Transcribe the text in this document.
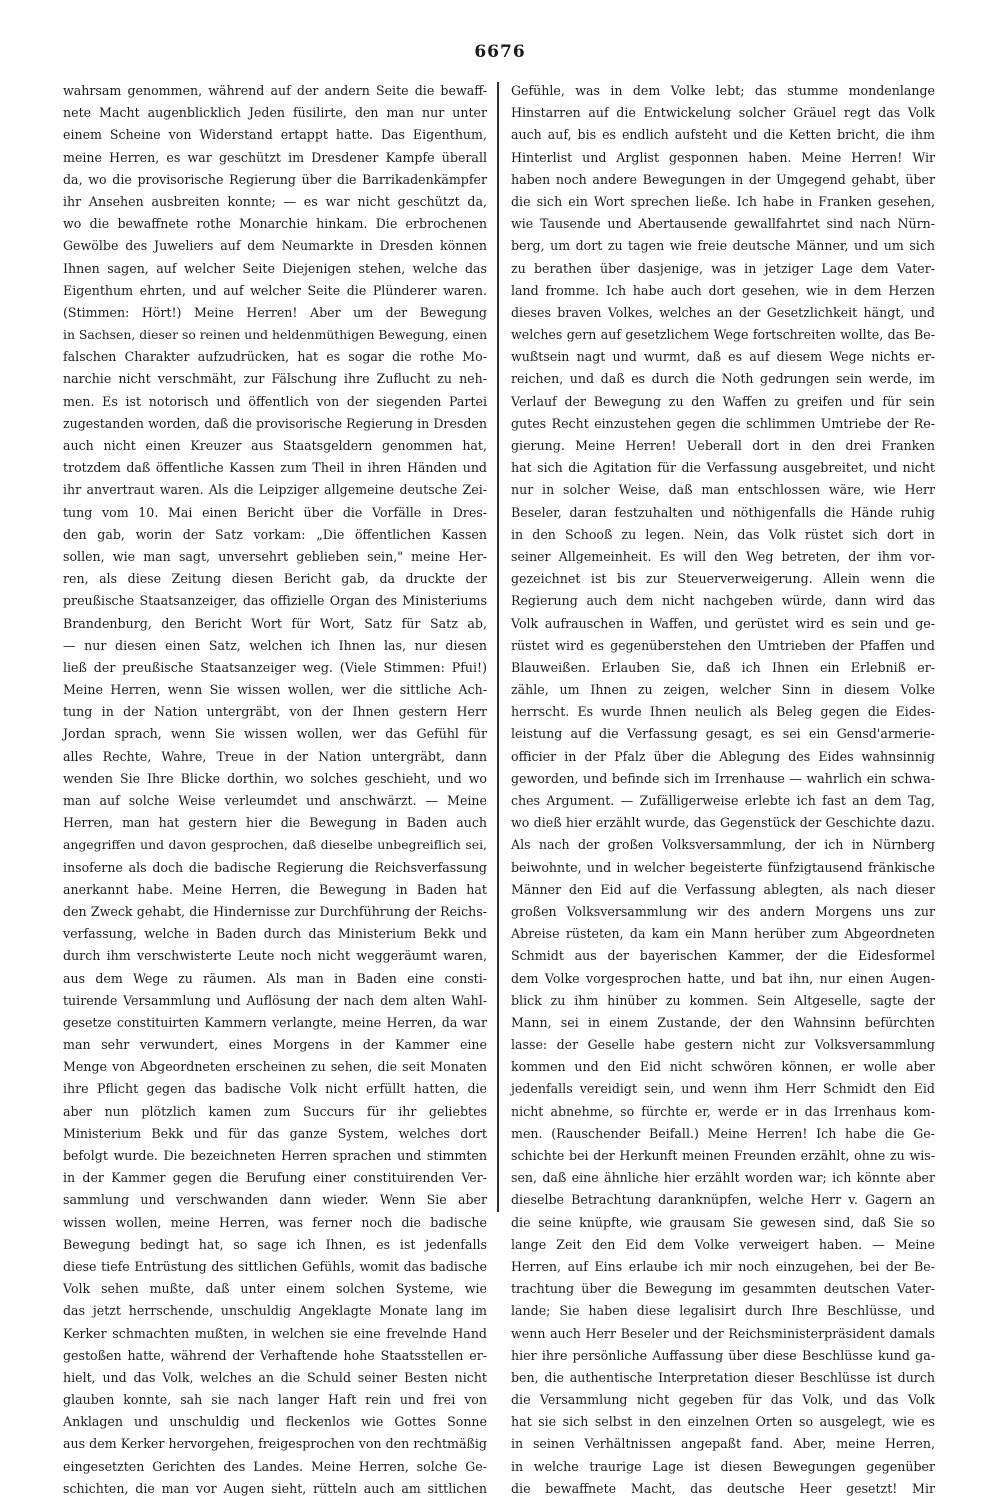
6676
wahrsam genommen, während auf der andern Seite die bewaff-
nete Macht augenblicklich Jeden füsilirte, den man nur unter
einem Scheine von Widerstand ertappt hatte. Das Eigenthum,
meine Herren, es war geschützt im Dresdener Kampfe überall
da, wo die provisorische Regierung über die Barrikadenkämpfer
ihr Ansehen ausbreiten konnte; — es war nicht geschützt da,
wo die bewaffnete rothe Monarchie hinkam. Die erbrochenen
Gewölbe des Juweliers auf dem Neumarkte in Dresden können
Ihnen sagen, auf welcher Seite Diejenigen stehen, welche das
Eigenthum ehrten, und auf welcher Seite die Plünderer waren.
(Stimmen: Hört!) Meine Herren! Aber um der Bewegung
in Sachsen, dieser so reinen und heldenmüthigen Bewegung, einen
falschen Charakter aufzudrücken, hat es sogar die rothe Mo-
narchie nicht verschmäht, zur Fälschung ihre Zuflucht zu neh-
men. Es ist notorisch und öffentlich von der siegenden Partei
zugestanden worden, daß die provisorische Regierung in Dresden
auch nicht einen Kreuzer aus Staatsgeldern genommen hat,
trotzdem daß öffentliche Kassen zum Theil in ihren Händen und
ihr anvertraut waren. Als die Leipziger allgemeine deutsche Zei-
tung vom 10. Mai einen Bericht über die Vorfälle in Dres-
den gab, worin der Satz vorkam: „Die öffentlichen Kassen
sollen, wie man sagt, unversehrt geblieben sein," meine Her-
ren, als diese Zeitung diesen Bericht gab, da druckte der
preußische Staatsanzeiger, das offizielle Organ des Ministeriums
Brandenburg, den Bericht Wort für Wort, Satz für Satz ab,
— nur diesen einen Satz, welchen ich Ihnen las, nur diesen
ließ der preußische Staatsanzeiger weg. (Viele Stimmen: Pfui!)
Meine Herren, wenn Sie wissen wollen, wer die sittliche Ach-
tung in der Nation untergräbt, von der Ihnen gestern Herr
Jordan sprach, wenn Sie wissen wollen, wer das Gefühl für
alles Rechte, Wahre, Treue in der Nation untergräbt, dann
wenden Sie Ihre Blicke dorthin, wo solches geschieht, und wo
man auf solche Weise verleumdet und anschwärzt. — Meine
Herren, man hat gestern hier die Bewegung in Baden auch
angegriffen und davon gesprochen, daß dieselbe unbegreiflich sei,
insoferne als doch die badische Regierung die Reichsverfassung
anerkannt habe. Meine Herren, die Bewegung in Baden hat
den Zweck gehabt, die Hindernisse zur Durchführung der Reichs-
verfassung, welche in Baden durch das Ministerium Bekk und
durch ihm verschwisterte Leute noch nicht weggeräumt waren,
aus dem Wege zu räumen. Als man in Baden eine consti-
tuirende Versammlung und Auflösung der nach dem alten Wahl-
gesetze constituirten Kammern verlangte, meine Herren, da war
man sehr verwundert, eines Morgens in der Kammer eine
Menge von Abgeordneten erscheinen zu sehen, die seit Monaten
ihre Pflicht gegen das badische Volk nicht erfüllt hatten, die
aber nun plötzlich kamen zum Succurs für ihr geliebtes
Ministerium Bekk und für das ganze System, welches dort
befolgt wurde. Die bezeichneten Herren sprachen und stimmten
in der Kammer gegen die Berufung einer constituirenden Ver-
sammlung und verschwanden dann wieder. Wenn Sie aber
wissen wollen, meine Herren, was ferner noch die badische
Bewegung bedingt hat, so sage ich Ihnen, es ist jedenfalls
diese tiefe Entrüstung des sittlichen Gefühls, womit das badische
Volk sehen mußte, daß unter einem solchen Systeme, wie
das jetzt herrschende, unschuldig Angeklagte Monate lang im
Kerker schmachten mußten, in welchen sie eine frevelnde Hand
gestoßen hatte, während der Verhaftende hohe Staatsstellen er-
hielt, und das Volk, welches an die Schuld seiner Besten nicht
glauben konnte, sah sie nach langer Haft rein und frei von
Anklagen und unschuldig und fleckenlos wie Gottes Sonne
aus dem Kerker hervorgehen, freigesprochen von den rechtmäßig
eingesetzten Gerichten des Landes. Meine Herren, solche Ge-
schichten, die man vor Augen sieht, rütteln auch am sittlichen
Gefühle, was in dem Volke lebt; das stumme mondenlange
Hinstarren auf die Entwickelung solcher Gräuel regt das Volk
auch auf, bis es endlich aufsteht und die Ketten bricht, die ihm
Hinterlist und Arglist gesponnen haben. Meine Herren! Wir
haben noch andere Bewegungen in der Umgegend gehabt, über
die sich ein Wort sprechen ließe. Ich habe in Franken gesehen,
wie Tausende und Abertausende gewallfahrtet sind nach Nürn-
berg, um dort zu tagen wie freie deutsche Männer, und um sich
zu berathen über dasjenige, was in jetziger Lage dem Vater-
land fromme. Ich habe auch dort gesehen, wie in dem Herzen
dieses braven Volkes, welches an der Gesetzlichkeit hängt, und
welches gern auf gesetzlichem Wege fortschreiten wollte, das Be-
wußtsein nagt und wurmt, daß es auf diesem Wege nichts er-
reichen, und daß es durch die Noth gedrungen sein werde, im
Verlauf der Bewegung zu den Waffen zu greifen und für sein
gutes Recht einzustehen gegen die schlimmen Umtriebe der Re-
gierung. Meine Herren! Ueberall dort in den drei Franken
hat sich die Agitation für die Verfassung ausgebreitet, und nicht
nur in solcher Weise, daß man entschlossen wäre, wie Herr
Beseler, daran festzuhalten und nöthigenfalls die Hände ruhig
in den Schooß zu legen. Nein, das Volk rüstet sich dort in
seiner Allgemeinheit. Es will den Weg betreten, der ihm vor-
gezeichnet ist bis zur Steuerverweigerung. Allein wenn die
Regierung auch dem nicht nachgeben würde, dann wird das
Volk aufrauschen in Waffen, und gerüstet wird es sein und ge-
rüstet wird es gegenüberstehen den Umtrieben der Pfaffen und
Blauweißen. Erlauben Sie, daß ich Ihnen ein Erlebniß er-
zähle, um Ihnen zu zeigen, welcher Sinn in diesem Volke
herrscht. Es wurde Ihnen neulich als Beleg gegen die Eides-
leistung auf die Verfassung gesagt, es sei ein Gensd'armerie-
officier in der Pfalz über die Ablegung des Eides wahnsinnig
geworden, und befinde sich im Irrenhause — wahrlich ein schwa-
ches Argument. — Zufälligerweise erlebte ich fast an dem Tag,
wo dieß hier erzählt wurde, das Gegenstück der Geschichte dazu.
Als nach der großen Volksversammlung, der ich in Nürnberg
beiwohnte, und in welcher begeisterte fünfzigtausend fränkische
Männer den Eid auf die Verfassung ablegten, als nach dieser
großen Volksversammlung wir des andern Morgens uns zur
Abreise rüsteten, da kam ein Mann herüber zum Abgeordneten
Schmidt aus der bayerischen Kammer, der die Eidesformel
dem Volke vorgesprochen hatte, und bat ihn, nur einen Augen-
blick zu ihm hinüber zu kommen. Sein Altgeselle, sagte der
Mann, sei in einem Zustande, der den Wahnsinn befürchten
lasse: der Geselle habe gestern nicht zur Volksversammlung
kommen und den Eid nicht schwören können, er wolle aber
jedenfalls vereidigt sein, und wenn ihm Herr Schmidt den Eid
nicht abnehme, so fürchte er, werde er in das Irrenhaus kom-
men. (Rauschender Beifall.) Meine Herren! Ich habe die Ge-
schichte bei der Herkunft meinen Freunden erzählt, ohne zu wis-
sen, daß eine ähnliche hier erzählt worden war; ich könnte aber
dieselbe Betrachtung daranknüpfen, welche Herr v. Gagern an
die seine knüpfte, wie grausam Sie gewesen sind, daß Sie so
lange Zeit den Eid dem Volke verweigert haben. — Meine
Herren, auf Eins erlaube ich mir noch einzugehen, bei der Be-
trachtung über die Bewegung im gesammten deutschen Vater-
lande; Sie haben diese legalisirt durch Ihre Beschlüsse, und
wenn auch Herr Beseler und der Reichsministerpräsident damals
hier ihre persönliche Auffassung über diese Beschlüsse kund ga-
ben, die authentische Interpretation dieser Beschlüsse ist durch
die Versammlung nicht gegeben für das Volk, und das Volk
hat sie sich selbst in den einzelnen Orten so ausgelegt, wie es
in seinen Verhältnissen angepaßt fand. Aber, meine Herren,
in welche traurige Lage ist diesen Bewegungen gegenüber
die bewaffnete Macht, das deutsche Heer gesetzt! Mir
